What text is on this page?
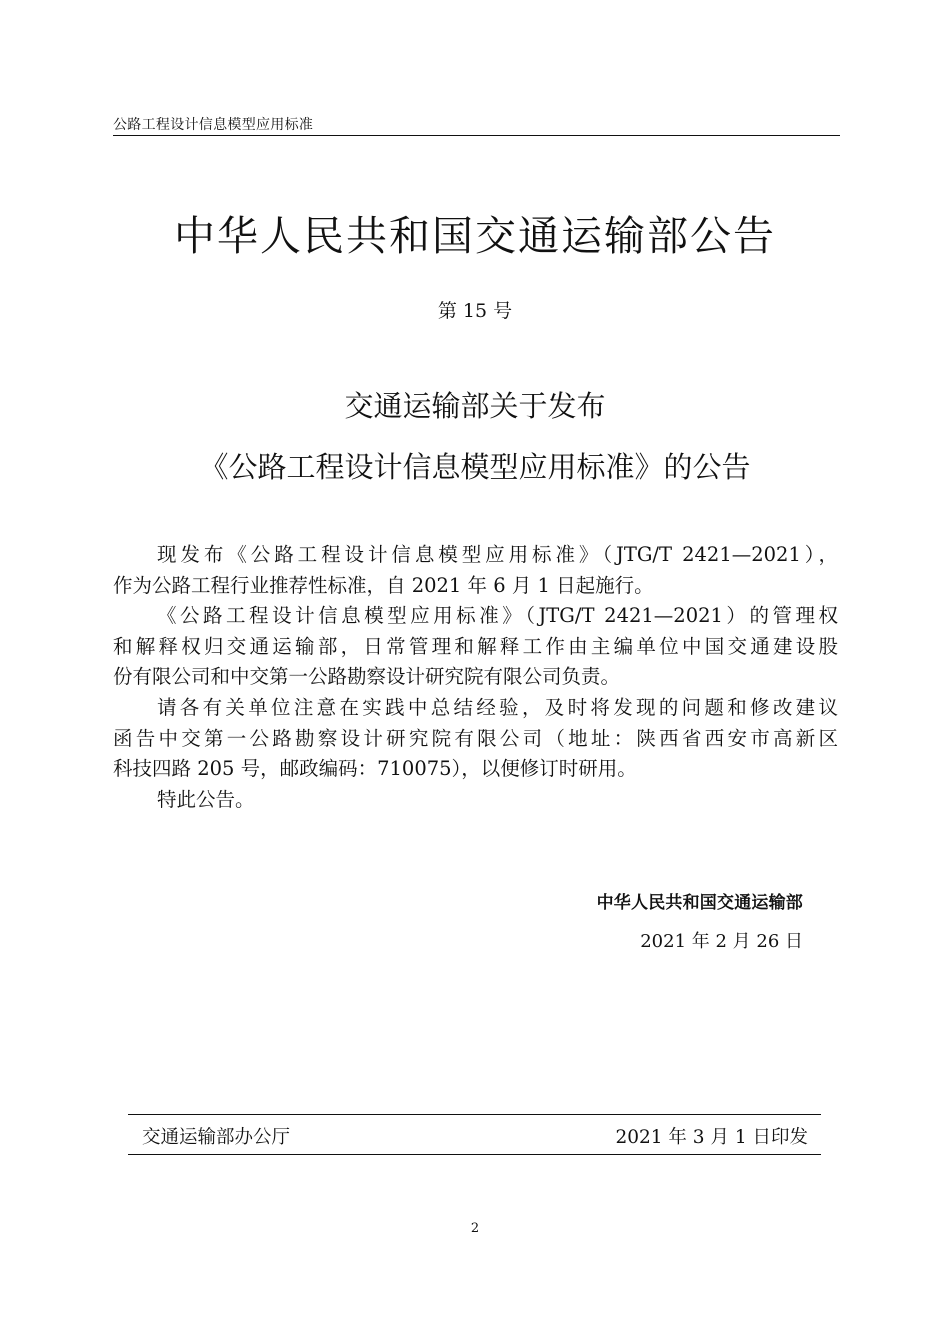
公路工程设计信息模型应用标准
中华人民共和国交通运输部公告
第 15 号
交通运输部关于发布
《公路工程设计信息模型应用标准》的公告
现发布《公路工程设计信息模型应用标准》（JTG/T 2421—2021），
作为公路工程行业推荐性标准，自 2021 年 6 月 1 日起施行。
《公路工程设计信息模型应用标准》（JTG/T 2421—2021）的管理权
和解释权归交通运输部，日常管理和解释工作由主编单位中国交通建设股
份有限公司和中交第一公路勘察设计研究院有限公司负责。
请各有关单位注意在实践中总结经验，及时将发现的问题和修改建议
函告中交第一公路勘察设计研究院有限公司（地址：陕西省西安市高新区
科技四路 205 号，邮政编码：710075），以便修订时研用。
特此公告。
中华人民共和国交通运输部
2021 年 2 月 26 日
交通运输部办公厅	2021 年 3 月 1 日印发
2
